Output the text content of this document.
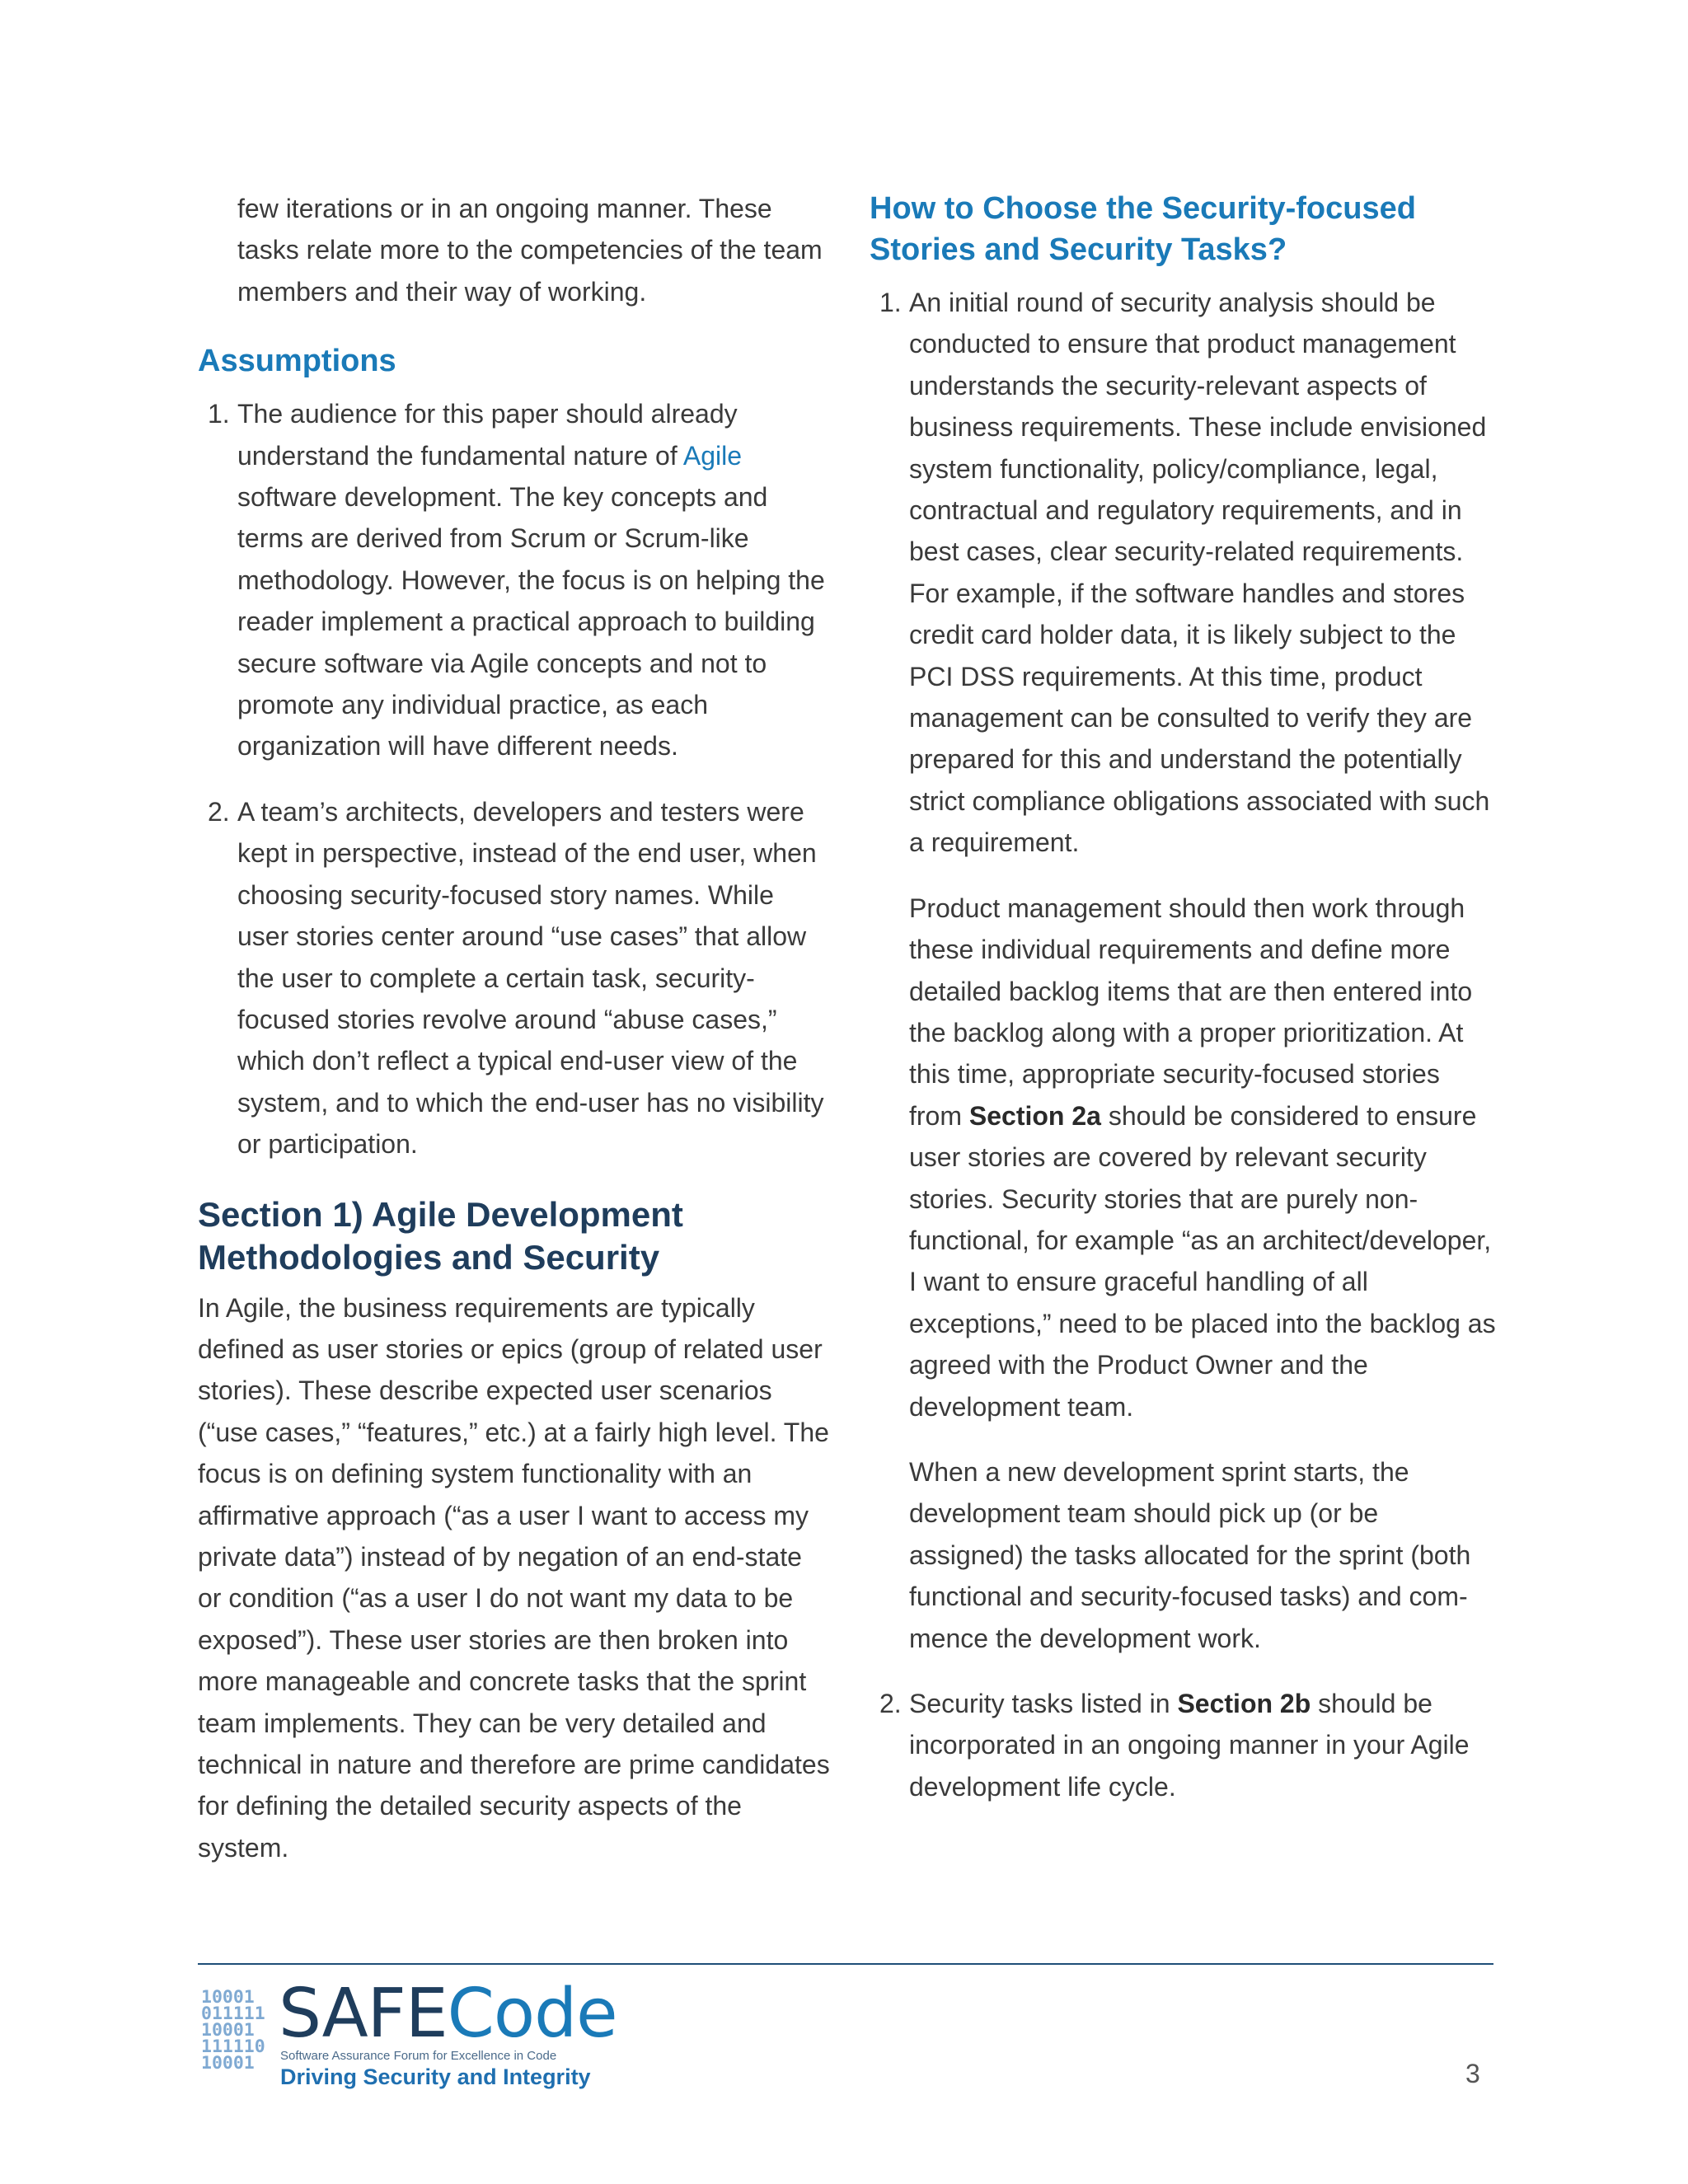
few iterations or in an ongoing manner. These tasks relate more to the competencies of the team members and their way of working.

Assumptions
1. The audience for this paper should already understand the fundamental nature of Agile software development. The key concepts and terms are derived from Scrum or Scrum-like methodology. However, the focus is on helping the reader implement a practical approach to building secure software via Agile concepts and not to promote any individual practice, as each organization will have different needs.

2. A team’s architects, developers and testers were kept in perspective, instead of the end user, when choosing security-focused story names. While user stories center around “use cases” that allow the user to complete a certain task, security-focused stories revolve around “abuse cases,” which don’t reflect a typical end-user view of the system, and to which the end-user has no visibility or participation.

Section 1) Agile Development Methodologies and Security

In Agile, the business requirements are typically defined as user stories or epics (group of related user stories). These describe expected user scenarios (“use cases,” “features,” etc.) at a fairly high level. The focus is on defining system functionality with an affirmative approach (“as a user I want to access my private data”) instead of by negation of an end-state or condition (“as a user I do not want my data to be exposed”). These user stories are then broken into more manageable and concrete tasks that the sprint team implements. They can be very detailed and technical in nature and therefore are prime candidates for defining the detailed security aspects of the system.

How to Choose the Security-focused Stories and Security Tasks?
1. An initial round of security analysis should be conducted to ensure that product management understands the security-relevant aspects of business requirements. These include envisioned system functionality, policy/compliance, legal, contractual and regulatory requirements, and in best cases, clear security-related requirements. For example, if the software handles and stores credit card holder data, it is likely subject to the PCI DSS requirements. At this time, product management can be consulted to verify they are prepared for this and understand the potentially strict compliance obligations associated with such a requirement.

Product management should then work through these individual requirements and define more detailed backlog items that are then entered into the backlog along with a proper prioritization. At this time, appropriate security-focused stories from Section 2a should be considered to ensure user stories are covered by relevant security stories. Security stories that are purely non-functional, for example “as an architect/developer, I want to ensure graceful handling of all exceptions,” need to be placed into the backlog as agreed with the Product Owner and the development team.

When a new development sprint starts, the development team should pick up (or be assigned) the tasks allocated for the sprint (both functional and security-focused tasks) and commence the development work.

2. Security tasks listed in Section 2b should be incorporated in an ongoing manner in your Agile development life cycle.

10001
011111
10001
111110
10001
SAFECode
Software Assurance Forum for Excellence in Code
Driving Security and Integrity	3
